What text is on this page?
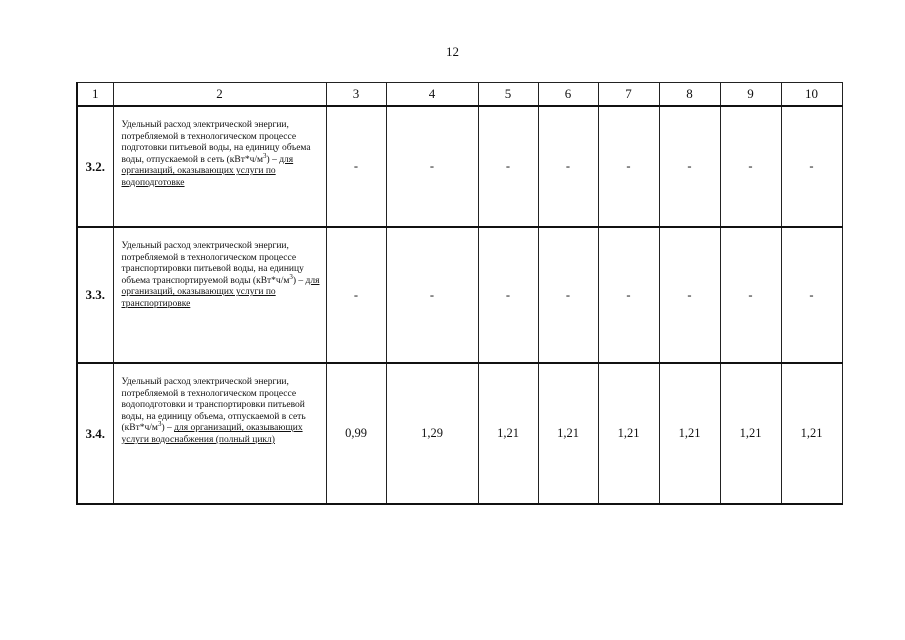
12
1	2	3	4	5	6	7	8	9	10
3.2.	Удельный расход электрической энергии, потребляемой в технологическом процессе подготовки питьевой воды, на единицу объема воды, отпускаемой в сеть $(кВт*ч/м^3)$ – для организаций, оказывающих услуги по водоподготовке	-	-	-	-	-	-	-	-
3.3.	Удельный расход электрической энергии, потребляемой в технологическом процессе транспортировки питьевой воды, на единицу объема транспортируемой воды $(кВт*ч/м^3)$ – для организаций, оказывающих услуги по транспортировке	-	-	-	-	-	-	-	-
3.4.	Удельный расход электрической энергии, потребляемой в технологическом процессе водоподготовки и транспортировки питьевой воды, на единицу объема, отпускаемой в сеть $(кВт*ч/м^3)$ – для организаций, оказывающих услуги водоснабжения (полный цикл)	0,99	1,29	1,21	1,21	1,21	1,21	1,21	1,21
